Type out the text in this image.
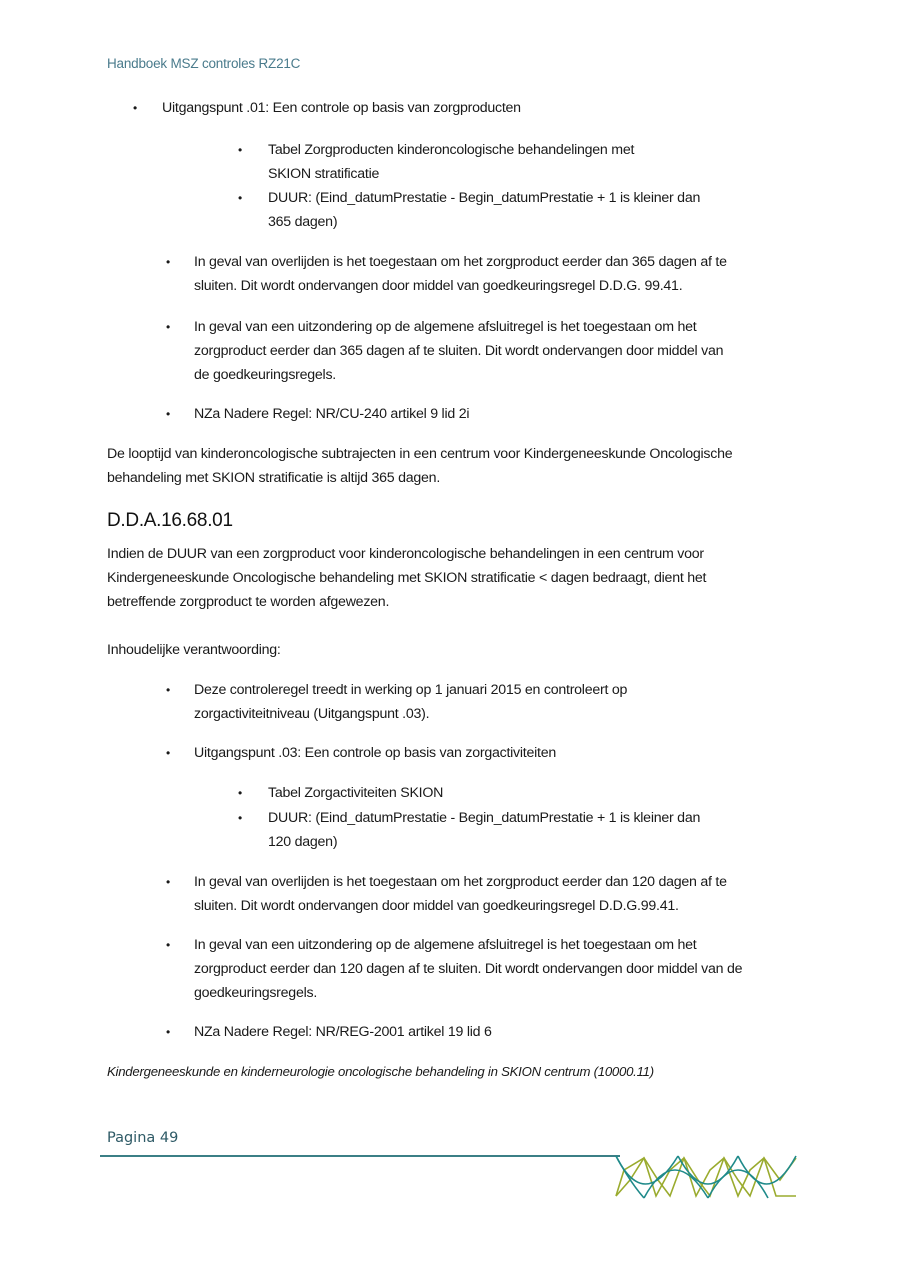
Handboek MSZ controles RZ21C
• Uitgangspunt .01: Een controle op basis van zorgproducten
• Tabel Zorgproducten kinderoncologische behandelingen met
SKION stratificatie
• DUUR: (Eind_datumPrestatie - Begin_datumPrestatie + 1 is kleiner dan
365 dagen)
• In geval van overlijden is het toegestaan om het zorgproduct eerder dan 365 dagen af te
sluiten. Dit wordt ondervangen door middel van goedkeuringsregel D.D.G. 99.41.
• In geval van een uitzondering op de algemene afsluitregel is het toegestaan om het
zorgproduct eerder dan 365 dagen af te sluiten. Dit wordt ondervangen door middel van
de goedkeuringsregels.
• NZa Nadere Regel: NR/CU-240 artikel 9 lid 2i
De looptijd van kinderoncologische subtrajecten in een centrum voor Kindergeneeskunde Oncologische
behandeling met SKION stratificatie is altijd 365 dagen.
D.D.A.16.68.01
Indien de DUUR van een zorgproduct voor kinderoncologische behandelingen in een centrum voor
Kindergeneeskunde Oncologische behandeling met SKION stratificatie < dagen bedraagt, dient het
betreffende zorgproduct te worden afgewezen.
Inhoudelijke verantwoording:
• Deze controleregel treedt in werking op 1 januari 2015 en controleert op
zorgactiviteitniveau (Uitgangspunt .03).
• Uitgangspunt .03: Een controle op basis van zorgactiviteiten
• Tabel Zorgactiviteiten SKION
• DUUR: (Eind_datumPrestatie - Begin_datumPrestatie + 1 is kleiner dan
120 dagen)
• In geval van overlijden is het toegestaan om het zorgproduct eerder dan 120 dagen af te
sluiten. Dit wordt ondervangen door middel van goedkeuringsregel D.D.G.99.41.
• In geval van een uitzondering op de algemene afsluitregel is het toegestaan om het
zorgproduct eerder dan 120 dagen af te sluiten. Dit wordt ondervangen door middel van de
goedkeuringsregels.
• NZa Nadere Regel: NR/REG-2001 artikel 19 lid 6
Kindergeneeskunde en kinderneurologie oncologische behandeling in SKION centrum (10000.11)
Pagina 49
